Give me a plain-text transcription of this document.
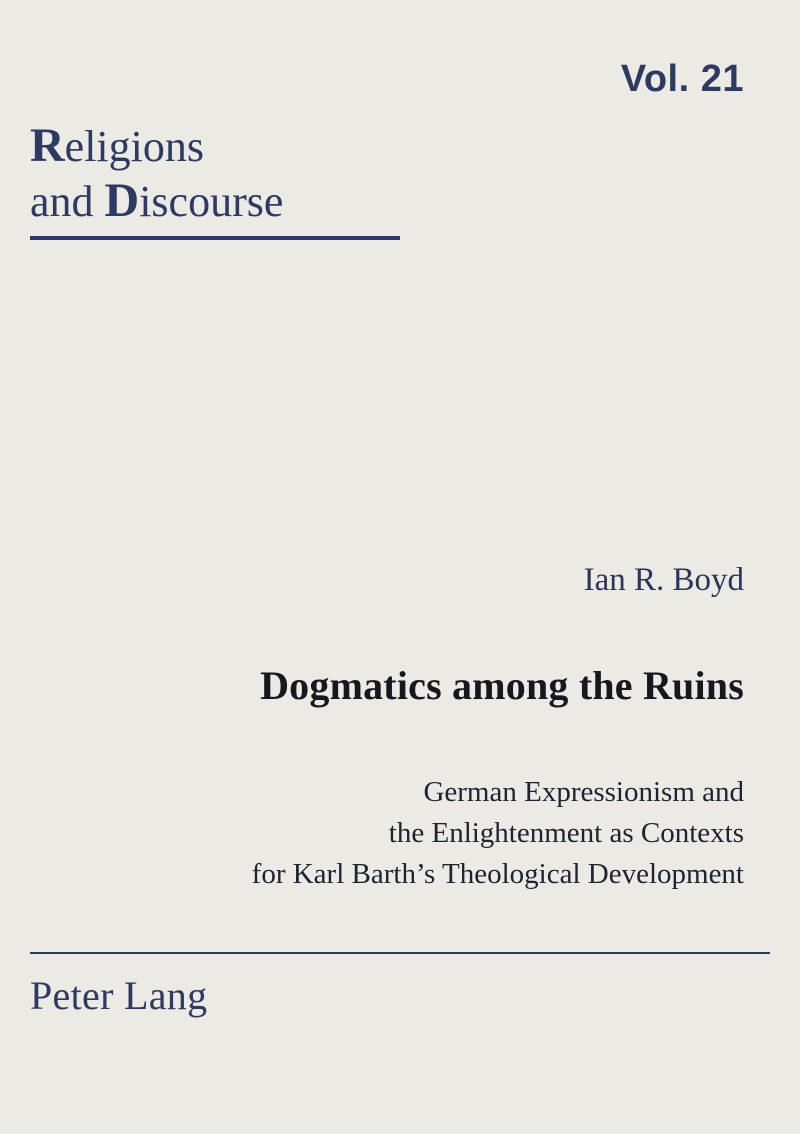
Vol. 21
Religions
and Discourse
Ian R. Boyd
Dogmatics among the Ruins
German Expressionism and
the Enlightenment as Contexts
for Karl Barth’s Theological Development
Peter Lang
